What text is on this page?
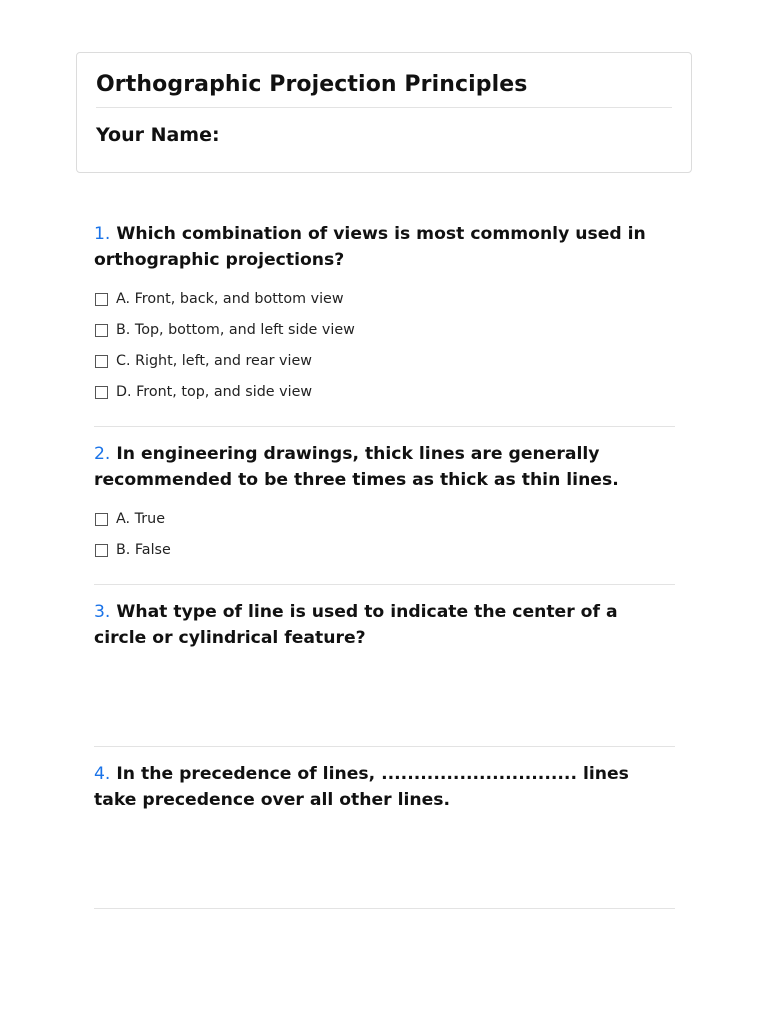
Orthographic Projection Principles
Your Name:

1. Which combination of views is most commonly used in orthographic projections?

A. Front, back, and bottom view
B. Top, bottom, and left side view
C. Right, left, and rear view
D. Front, top, and side view

2. In engineering drawings, thick lines are generally recommended to be three times as thick as thin lines.

A. True
B. False

3. What type of line is used to indicate the center of a circle or cylindrical feature?

4. In the precedence of lines, .............................. lines take precedence over all other lines.
